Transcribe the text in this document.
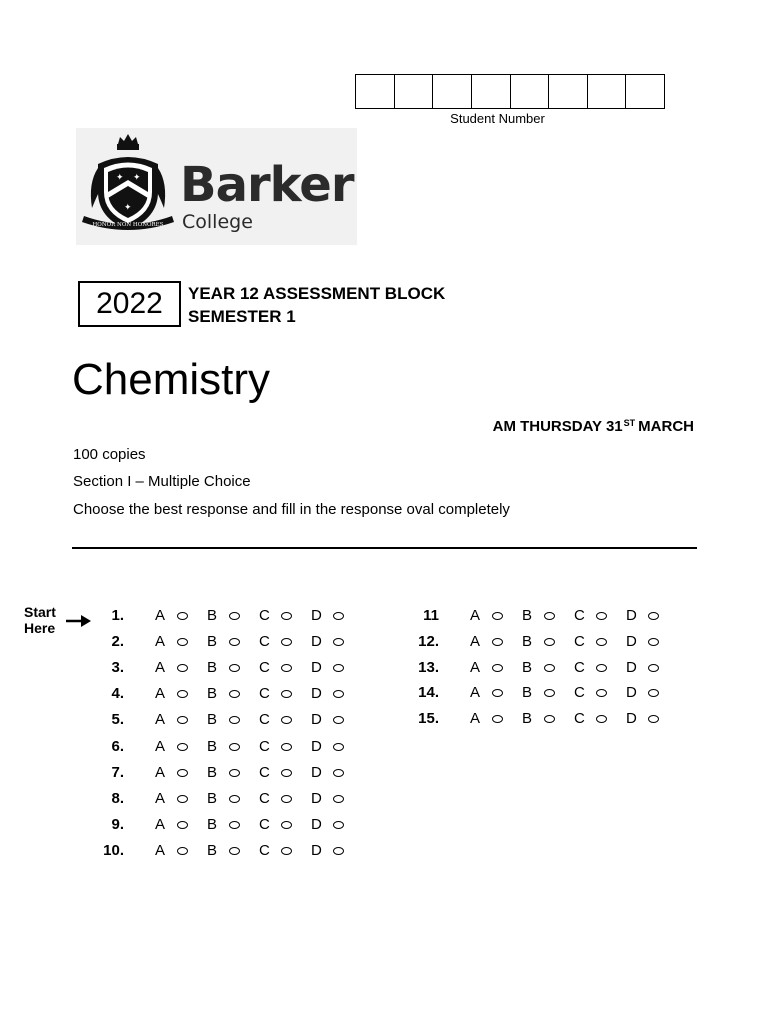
Student Number
✦ ✦
✦
HONOR NON HONORES
Barker
College
2022	YEAR 12 ASSESSMENT BLOCK
SEMESTER 1
Chemistry
AM THURSDAY 31ST MARCH
100 copies
Section I – Multiple Choice
Choose the best response and fill in the response oval completely
Start
Here
1. A	B	C	D
2. A	B	C	D
3. A	B	C	D
4. A	B	C	D
5. A	B	C	D
6. A	B	C	D
7. A	B	C	D
8. A	B	C	D
9. A	B	C	D
10. A	B	C	D
11 A	B	C	D
12. A	B	C	D
13. A	B	C	D
14. A	B	C	D
15. A	B	C	D
